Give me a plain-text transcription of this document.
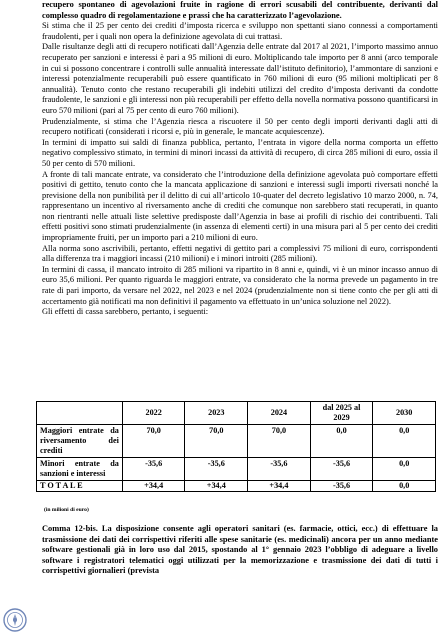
recupero spontaneo di agevolazioni fruite in ragione di errori scusabili del contribuente, derivanti dal complesso quadro di regolamentazione e prassi che ha caratterizzato l’agevolazione.

Si stima che il 25 per cento dei crediti d’imposta ricerca e sviluppo non spettanti siano connessi a comportamenti fraudolenti, per i quali non opera la definizione agevolata di cui trattasi.

Dalle risultanze degli atti di recupero notificati dall’Agenzia delle entrate dal 2017 al 2021, l’importo massimo annuo recuperato per sanzioni e interessi è pari a 95 milioni di euro. Moltiplicando tale importo per 8 anni (arco temporale in cui si possono concentrare i controlli sulle annualità interessate dall’istituto definitorio), l’ammontare di sanzioni e interessi potenzialmente recuperabili può essere quantificato in 760 milioni di euro (95 milioni moltiplicati per 8 annualità). Tenuto conto che restano recuperabili gli indebiti utilizzi del credito d’imposta derivanti da condotte fraudolente, le sanzioni e gli interessi non più recuperabili per effetto della novella normativa possono quantificarsi in euro 570 milioni (pari al 75 per cento di euro 760 milioni).

Prudenzialmente, si stima che l’Agenzia riesca a riscuotere il 50 per cento degli importi derivanti dagli atti di recupero notificati (considerati i ricorsi e, più in generale, le mancate acquiescenze).

In termini di impatto sui saldi di finanza pubblica, pertanto, l’entrata in vigore della norma comporta un effetto negativo complessivo stimato, in termini di minori incassi da attività di recupero, di circa 285 milioni di euro, ossia il 50 per cento di 570 milioni.

A fronte di tali mancate entrate, va considerato che l’introduzione della definizione agevolata può comportare effetti positivi di gettito, tenuto conto che la mancata applicazione di sanzioni e interessi sugli importi riversati nonché la previsione della non punibilità per il delitto di cui all’articolo 10-quater del decreto legislativo 10 marzo 2000, n. 74, rappresentano un incentivo al riversamento anche di crediti che comunque non sarebbero stati recuperati, in quanto non rientranti nelle attuali liste selettive predisposte dall’Agenzia in base ai profili di rischio dei contribuenti. Tali effetti positivi sono stimati prudenzialmente (in assenza di elementi certi) in una misura pari al 5 per cento dei crediti impropriamente fruiti, per un importo pari a 210 milioni di euro.

Alla norma sono ascrivibili, pertanto, effetti negativi di gettito pari a complessivi 75 milioni di euro, corrispondenti alla differenza tra i maggiori incassi (210 milioni) e i minori introiti (285 milioni).

In termini di cassa, il mancato introito di 285 milioni va ripartito in 8 anni e, quindi, vi è un minor incasso annuo di euro 35,6 milioni. Per quanto riguarda le maggiori entrate, va considerato che la norma prevede un pagamento in tre rate di pari importo, da versare nel 2022, nel 2023 e nel 2024 (prudenzialmente non si tiene conto che per gli atti di accertamento già notificati ma non definitivi il pagamento va effettuato in un’unica soluzione nel 2022).

Gli effetti di cassa sarebbero, pertanto, i seguenti:

	2022	2023	2024	dal 2025 al 2029	2030
Maggiori entrate da riversamento dei crediti	70,0	70,0	70,0	0,0	0,0
Minori entrate da sanzioni e interessi	-35,6	-35,6	-35,6	-35,6	0,0
T O T A L E	+34,4	+34,4	+34,4	-35,6	0,0
(in milioni di euro)

Comma 12-bis. La disposizione consente agli operatori sanitari (es. farmacie, ottici, ecc.) di effettuare la trasmissione dei dati dei corrispettivi riferiti alle spese sanitarie (es. medicinali) ancora per un anno mediante software gestionali già in loro uso dal 2015, spostando al 1° gennaio 2023 l’obbligo di adeguare a livello software i registratori telematici oggi utilizzati per la memorizzazione e trasmissione dei dati di tutti i corrispettivi giornalieri (prevista
